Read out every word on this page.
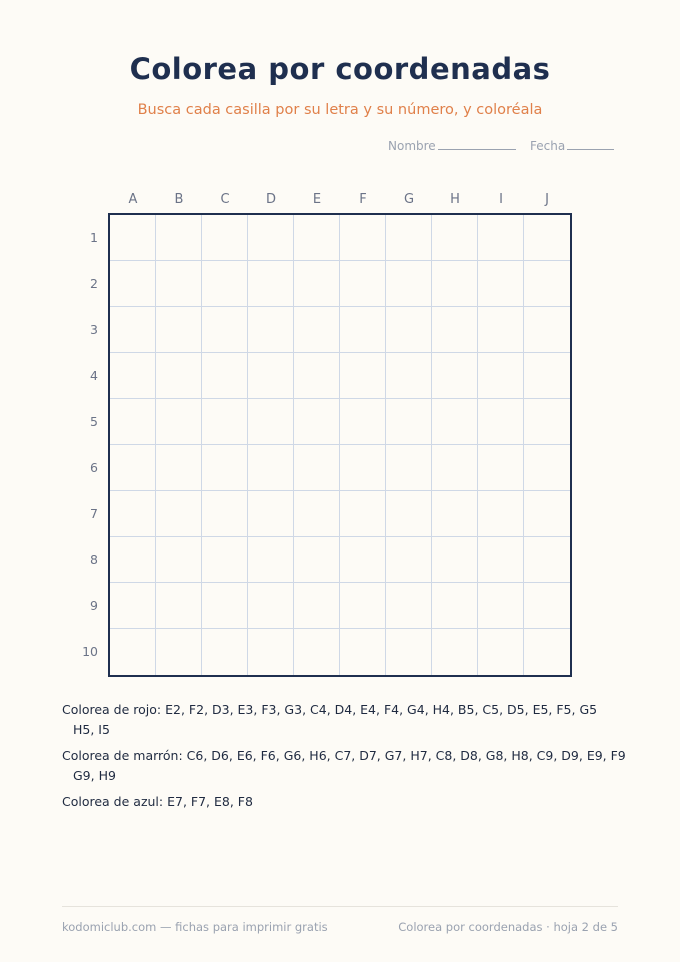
Colorea por coordenadas
Busca cada casilla por su letra y su número, y coloréala
Nombre	Fecha
A	B	C	D	E	F	G	H	I	J
1
2
3
4
5
6
7
8
9
10
Colorea de rojo: E2, F2, D3, E3, F3, G3, C4, D4, E4, F4, G4, H4, B5, C5, D5, E5, F5, G5
H5, I5
Colorea de marrón: C6, D6, E6, F6, G6, H6, C7, D7, G7, H7, C8, D8, G8, H8, C9, D9, E9, F9
G9, H9
Colorea de azul: E7, F7, E8, F8
kodomiclub.com — fichas para imprimir gratis	Colorea por coordenadas · hoja 2 de 5
